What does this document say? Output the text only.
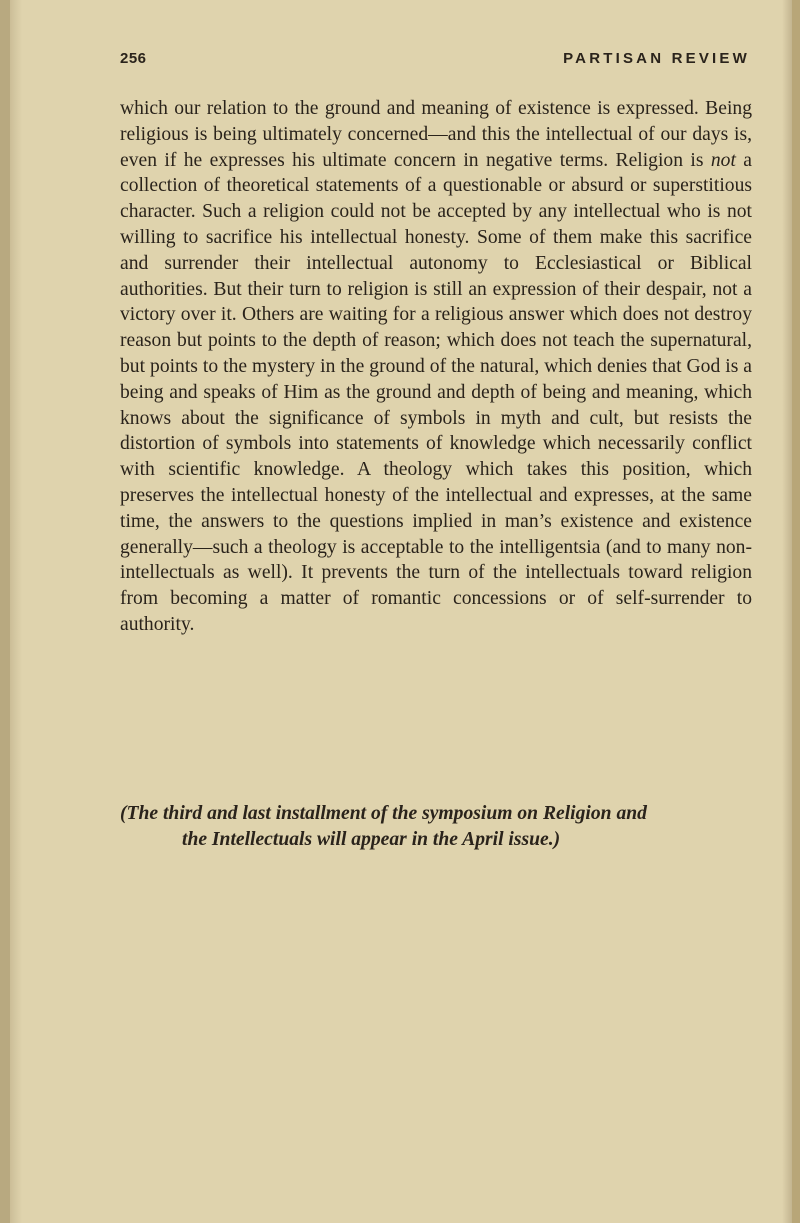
256	PARTISAN REVIEW

which our relation to the ground and meaning of existence is expressed. Being religious is being ultimately concerned—and this the intellectual of our days is, even if he expresses his ultimate concern in negative terms. Religion is not a collection of theoretical statements of a questionable or absurd or superstitious character. Such a religion could not be accepted by any intellectual who is not willing to sacrifice his intellectual honesty. Some of them make this sacrifice and surrender their intellectual autonomy to Ecclesiastical or Biblical authorities. But their turn to religion is still an expression of their despair, not a victory over it. Others are waiting for a religious answer which does not destroy reason but points to the depth of reason; which does not teach the supernatural, but points to the mystery in the ground of the natural, which denies that God is a being and speaks of Him as the ground and depth of being and meaning, which knows about the significance of symbols in myth and cult, but resists the distortion of symbols into statements of knowledge which necessarily conflict with scientific knowledge. A theology which takes this position, which preserves the intellectual honesty of the intellectual and expresses, at the same time, the answers to the questions implied in man’s existence and existence generally—such a theology is acceptable to the intelligentsia (and to many non-intellectuals as well). It prevents the turn of the intellectuals toward religion from becoming a matter of romantic concessions or of self-surrender to authority.

(The third and last installment of the symposium on Religion and
the Intellectuals will appear in the April issue.)
